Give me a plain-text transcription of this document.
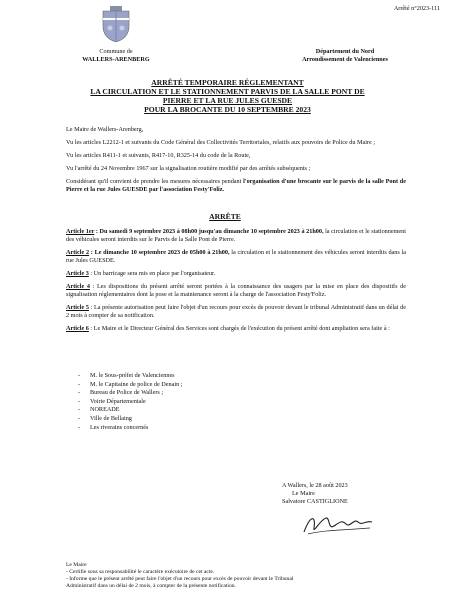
Arrêté n°2023-111
Commune de
WALLERS-ARENBERG
Département du Nord
Arrondissement de Valenciennes
ARRÊTÉ TEMPORAIRE RÉGLEMENTANT
LA CIRCULATION ET LE STATIONNEMENT PARVIS DE LA SALLE PONT DE
PIERRE ET LA RUE JULES GUESDE
POUR LA BROCANTE DU 10 SEPTEMBRE 2023
Le Maire de Wallers-Arenberg,
Vu les articles L2212-1 et suivants du Code Général des Collectivités Territoriales, relatifs aux pouvoirs de Police du Maire ;
Vu les articles R411-1 et suivants, R417-10, R325-14 du code de la Route,
Vu l'arrêté du 24 Novembre 1967 sur la signalisation routière modifié par des arrêtés subséquents ;
Considérant qu'il convient de prendre les mesures nécessaires pendant l'organisation d'une brocante sur le parvis de la salle Pont de Pierre et la rue Jules GUESDE par l'association Festy'Foliz.
ARRÊTE
Article 1er : Du samedi 9 septembre 2023 à 08h00 jusqu'au dimanche 10 septembre 2023 à 21h00, la circulation et le stationnement des véhicules seront interdits sur le Parvis de la Salle Pont de Pierre.
Article 2 : Le dimanche 10 septembre 2023 de 05h00 à 21h00, la circulation et le stationnement des véhicules seront interdits dans la rue Jules GUESDE.
Article 3 : Un barricage sera mis en place par l'organisateur.
Article 4 : Les dispositions du présent arrêté seront portées à la connaissance des usagers par la mise en place des dispositifs de signalisation réglementaires dont la pose et la maintenance seront à la charge de l'association Festy'Foliz.
Article 5 : La présente autorisation peut faire l'objet d'un recours pour excès de pouvoir devant le tribunal Administratif dans un délai de 2 mois à compter de sa notification.
Article 6 : Le Maire et le Directeur Général des Services sont chargés de l'exécution du présent arrêté dont ampliation sera faite à :
- M. le Sous-préfet de Valenciennes
- M. le Capitaine de police de Denain ;
- Bureau de Police de Wallers ;
- Voirie Départementale
- NOREADE
- Ville de Bellaing
- Les riverains concernés
A Wallers, le 28 août 2023
Le Maire
Salvatore CASTIGLIONE
Le Maire
- Certifie sous sa responsabilité le caractère exécutoire de cet acte.
- Informe que le présent arrêté peut faire l'objet d'un recours pour excès de pouvoir devant le Tribunal
Administratif dans un délai de 2 mois, à compter de la présente notification.
